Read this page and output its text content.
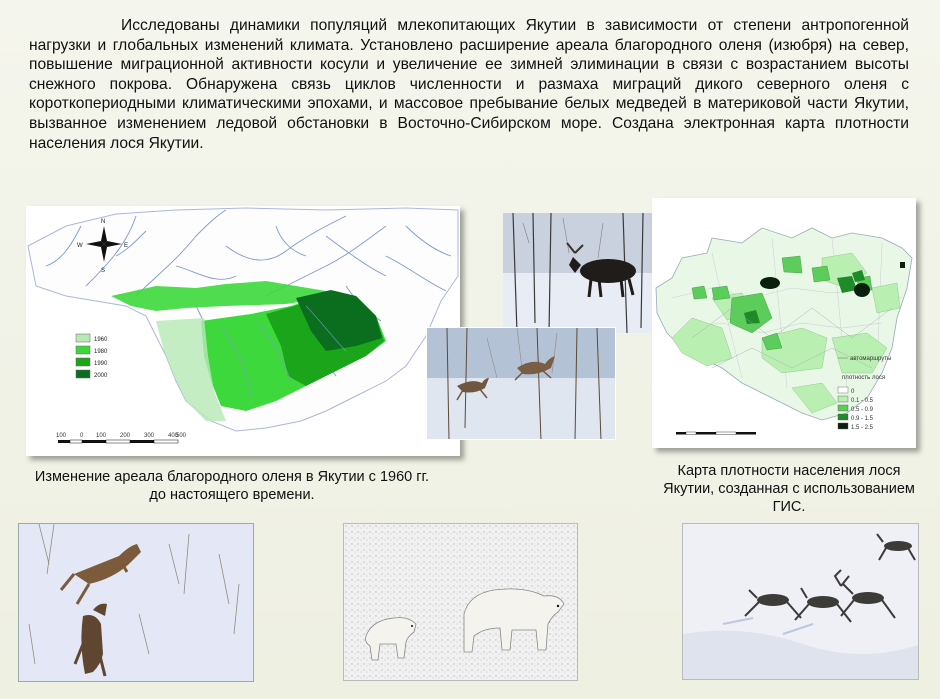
Исследованы динамики популяций млекопитающих Якутии в зависимости от степени антропогенной нагрузки и глобальных изменений климата. Установлено расширение ареала благородного оленя (изюбря) на север, повышение миграционной активности косули и увеличение ее зимней элиминации в связи с возрастанием высоты снежного покрова. Обнаружена связь циклов численности и размаха миграций дикого северного оленя с короткопериодными климатическими эпохами, и массовое пребывание белых медведей в материковой части Якутии, вызванное изменением ледовой обстановки в Восточно-Сибирском море. Создана электронная карта плотности населения лося Якутии.

N
S
E
W
1960
1980
1990
2000
100 0 100 200 300 400
500
автомаршруты
плотность лося
0
0.1 - 0.5
0.5 - 0.9
0.9 - 1.5
1.5 - 2.5

Изменение ареала благородного оленя в Якутии с 1960 гг. до настоящего времени.

Карта плотности населения лося Якутии, созданная с использованием ГИС.
